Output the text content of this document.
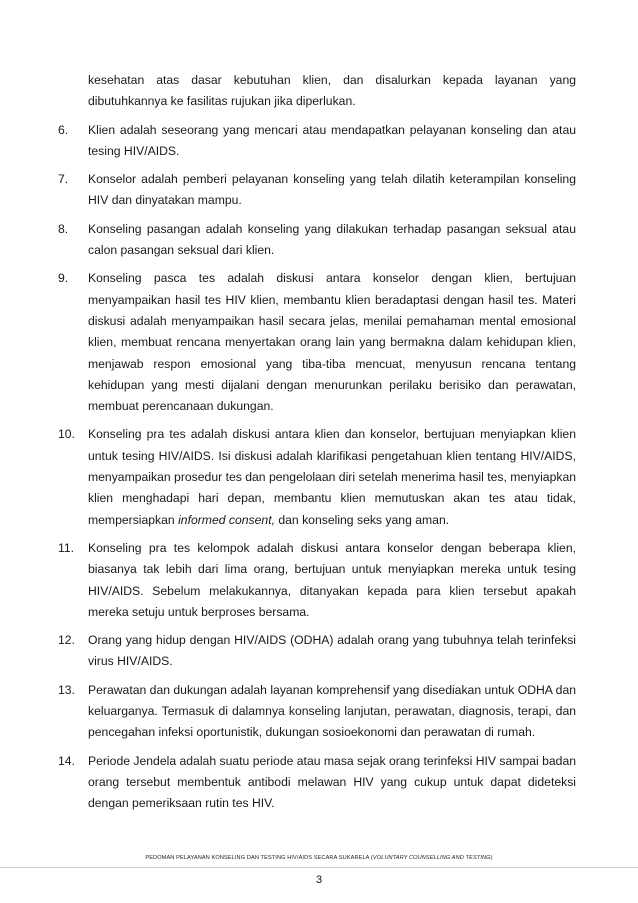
kesehatan atas dasar kebutuhan klien, dan disalurkan kepada layanan yang dibutuhkannya ke fasilitas rujukan jika diperlukan.
6. Klien adalah seseorang yang mencari atau mendapatkan pelayanan konseling dan atau tesing HIV/AIDS.
7. Konselor adalah pemberi pelayanan konseling yang telah dilatih keterampilan konseling HIV dan dinyatakan mampu.
8. Konseling pasangan adalah konseling yang dilakukan terhadap pasangan seksual atau calon pasangan seksual dari klien.
9. Konseling pasca tes adalah diskusi antara konselor dengan klien, bertujuan menyampaikan hasil tes HIV klien, membantu klien beradaptasi dengan hasil tes. Materi diskusi adalah menyampaikan hasil secara jelas, menilai pemahaman mental emosional klien, membuat rencana menyertakan orang lain yang bermakna dalam kehidupan klien, menjawab respon emosional yang tiba-tiba mencuat, menyusun rencana tentang kehidupan yang mesti dijalani dengan menurunkan perilaku berisiko dan perawatan, membuat perencanaan dukungan.
10. Konseling pra tes adalah diskusi antara klien dan konselor, bertujuan menyiapkan klien untuk tesing HIV/AIDS. Isi diskusi adalah klarifikasi pengetahuan klien tentang HIV/AIDS, menyampaikan prosedur tes dan pengelolaan diri setelah menerima hasil tes, menyiapkan klien menghadapi hari depan, membantu klien memutuskan akan tes atau tidak, mempersiapkan informed consent, dan konseling seks yang aman.
11. Konseling pra tes kelompok adalah diskusi antara konselor dengan beberapa klien, biasanya tak lebih dari lima orang, bertujuan untuk menyiapkan mereka untuk tesing HIV/AIDS. Sebelum melakukannya, ditanyakan kepada para klien tersebut apakah mereka setuju untuk berproses bersama.
12. Orang yang hidup dengan HIV/AIDS (ODHA) adalah orang yang tubuhnya telah terinfeksi virus HIV/AIDS.
13. Perawatan dan dukungan adalah layanan komprehensif yang disediakan untuk ODHA dan keluarganya. Termasuk di dalamnya konseling lanjutan, perawatan, diagnosis, terapi, dan pencegahan infeksi oportunistik, dukungan sosioekonomi dan perawatan di rumah.
14. Periode Jendela adalah suatu periode atau masa sejak orang terinfeksi HIV sampai badan orang tersebut membentuk antibodi melawan HIV yang cukup untuk dapat dideteksi dengan pemeriksaan rutin tes HIV.
PEDOMAN PELAYANAN KONSELING DAN TESTING HIV/AIDS SECARA SUKARELA (VOLUNTARY COUNSELLING AND TESTING)
3
